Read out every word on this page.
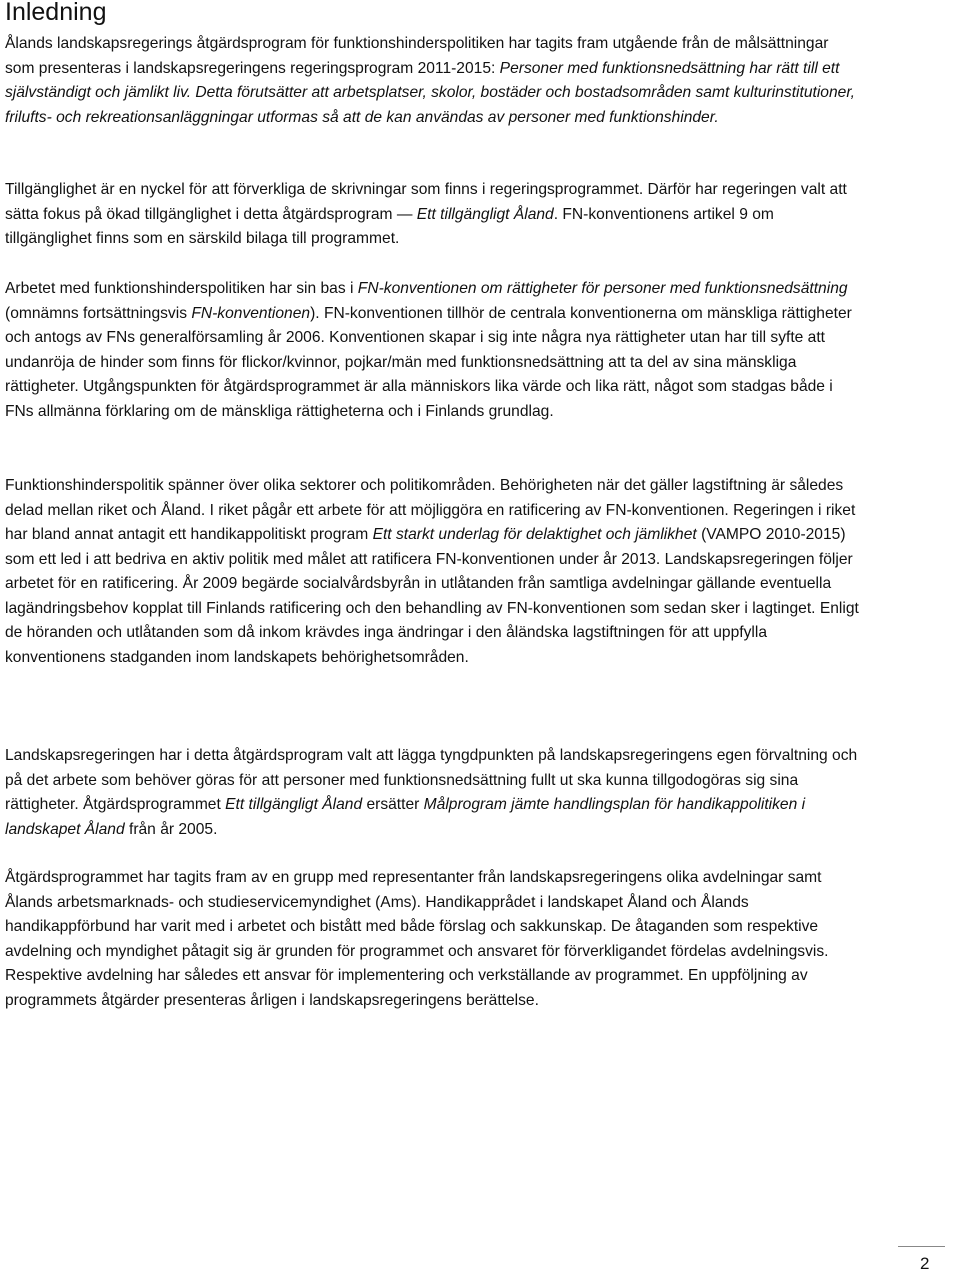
Inledning

Ålands landskapsregerings åtgärdsprogram för funktionshinderspolitiken har tagits fram utgående från de målsättningar som presenteras i landskapsregeringens regeringsprogram 2011-2015: Personer med funktionsnedsättning har rätt till ett självständigt och jämlikt liv. Detta förutsätter att arbetsplatser, skolor, bostäder och bostadsområden samt kulturinstitutioner, frilufts- och rekreationsanläggningar utformas så att de kan användas av personer med funktionshinder.

Tillgänglighet är en nyckel för att förverkliga de skrivningar som finns i regeringsprogrammet. Därför har regeringen valt att sätta fokus på ökad tillgänglighet i detta åtgärdsprogram — Ett tillgängligt Åland. FN-konventionens artikel 9 om tillgänglighet finns som en särskild bilaga till programmet.

Arbetet med funktionshinderspolitiken har sin bas i FN-konventionen om rättigheter för personer med funktionsnedsättning (omnämns fortsättningsvis FN-konventionen). FN-konventionen tillhör de centrala konventionerna om mänskliga rättigheter och antogs av FNs generalförsamling år 2006. Konventionen skapar i sig inte några nya rättigheter utan har till syfte att undanröja de hinder som finns för flickor/kvinnor, pojkar/män med funktionsnedsättning att ta del av sina mänskliga rättigheter. Utgångspunkten för åtgärdsprogrammet är alla människors lika värde och lika rätt, något som stadgas både i FNs allmänna förklaring om de mänskliga rättigheterna och i Finlands grundlag.

Funktionshinderspolitik spänner över olika sektorer och politikområden. Behörigheten när det gäller lagstiftning är således delad mellan riket och Åland. I riket pågår ett arbete för att möjliggöra en ratificering av FN-konventionen. Regeringen i riket har bland annat antagit ett handikappolitiskt program Ett starkt underlag för delaktighet och jämlikhet (VAMPO 2010-2015) som ett led i att bedriva en aktiv politik med målet att ratificera FN-konventionen under år 2013. Landskapsregeringen följer arbetet för en ratificering. År 2009 begärde socialvårdsbyrån in utlåtanden från samtliga avdelningar gällande eventuella lagändringsbehov kopplat till Finlands ratificering och den behandling av FN-konventionen som sedan sker i lagtinget. Enligt de höranden och utlåtanden som då inkom krävdes inga ändringar i den åländska lagstiftningen för att uppfylla konventionens stadganden inom landskapets behörighetsområden.

Landskapsregeringen har i detta åtgärdsprogram valt att lägga tyngdpunkten på landskapsregeringens egen förvaltning och på det arbete som behöver göras för att personer med funktionsnedsättning fullt ut ska kunna tillgodogöras sig sina rättigheter. Åtgärdsprogrammet Ett tillgängligt Åland ersätter Målprogram jämte handlingsplan för handikappolitiken i landskapet Åland från år 2005.

Åtgärdsprogrammet har tagits fram av en grupp med representanter från landskapsregeringens olika avdelningar samt Ålands arbetsmarknads- och studieservicemyndighet (Ams). Handikapprådet i landskapet Åland och Ålands handikappförbund har varit med i arbetet och bistått med både förslag och sakkunskap. De åtaganden som respektive avdelning och myndighet påtagit sig är grunden för programmet och ansvaret för förverkligandet fördelas avdelningsvis. Respektive avdelning har således ett ansvar för implementering och verkställande av programmet. En uppföljning av programmets åtgärder presenteras årligen i landskapsregeringens berättelse.

2
